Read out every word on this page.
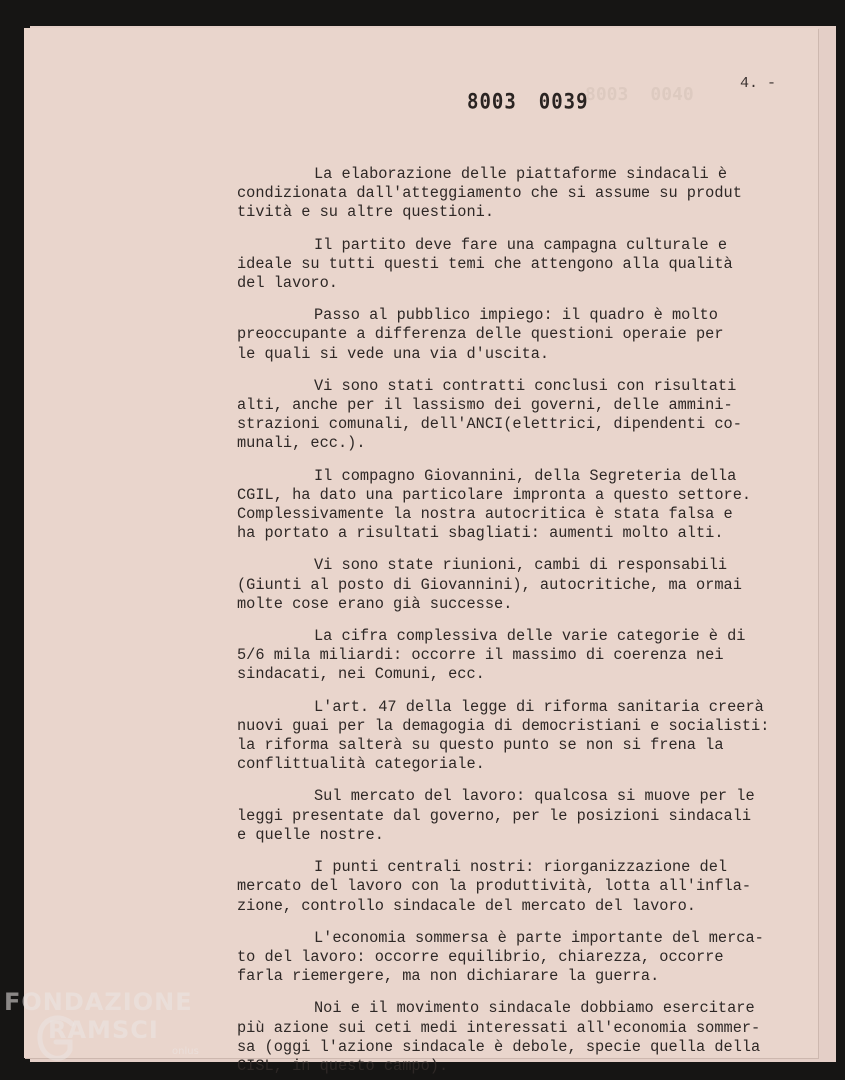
8003 0040
8003 0039
4. -

La elaborazione delle piattaforme sindacali è
condizionata dall'atteggiamento che si assume su produt
tività e su altre questioni.

Il partito deve fare una campagna culturale e
ideale su tutti questi temi che attengono alla qualità
del lavoro.

Passo al pubblico impiego: il quadro è molto
preoccupante a differenza delle questioni operaie per
le quali si vede una via d'uscita.

Vi sono stati contratti conclusi con risultati
alti, anche per il lassismo dei governi, delle ammini-
strazioni comunali, dell'ANCI(elettrici, dipendenti co-
munali, ecc.).

Il compagno Giovannini, della Segreteria della
CGIL, ha dato una particolare impronta a questo settore.
Complessivamente la nostra autocritica è stata falsa e
ha portato a risultati sbagliati: aumenti molto alti.

Vi sono state riunioni, cambi di responsabili
(Giunti al posto di Giovannini), autocritiche, ma ormai
molte cose erano già successe.

La cifra complessiva delle varie categorie è di
5/6 mila miliardi: occorre il massimo di coerenza nei
sindacati, nei Comuni, ecc.

L'art. 47 della legge di riforma sanitaria creerà
nuovi guai per la demagogia di democristiani e socialisti:
la riforma salterà su questo punto se non si frena la
conflittualità categoriale.

Sul mercato del lavoro: qualcosa si muove per le
leggi presentate dal governo, per le posizioni sindacali
e quelle nostre.

I punti centrali nostri: riorganizzazione del
mercato del lavoro con la produttività, lotta all'infla-
zione, controllo sindacale del mercato del lavoro.

L'economia sommersa è parte importante del merca-
to del lavoro: occorre equilibrio, chiarezza, occorre
farla riemergere, ma non dichiarare la guerra.

Noi e il movimento sindacale dobbiamo esercitare
più azione sui ceti medi interessati all'economia sommer-
sa (oggi l'azione sindacale è debole, specie quella della
CISL, in questo campo).

FONDAZIONE
RAMSCI
onlus
